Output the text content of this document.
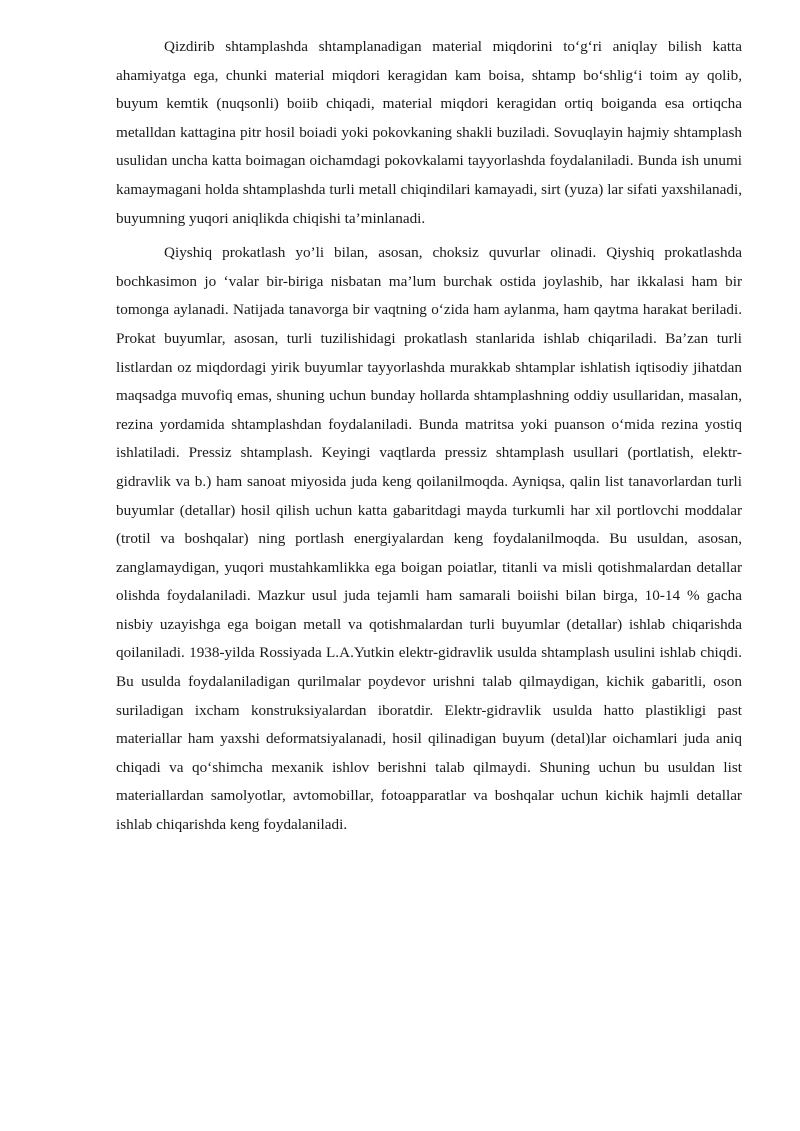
Qizdirib shtamplashda shtamplanadigan material miqdorini to‘g‘ri aniqlay bilish katta ahamiyatga ega, chunki material miqdori keragidan kam boisa, shtamp bo‘shlig‘i toim ay qolib, buyum kemtik (nuqsonli) boiib chiqadi, material miqdori keragidan ortiq boiganda esa ortiqcha metalldan kattagina pitr hosil boiadi yoki pokovkaning shakli buziladi. Sovuqlayin hajmiy shtamplash usulidan uncha katta boimagan oichamdagi pokovkalami tayyorlashda foydalaniladi. Bunda ish unumi kamaymagani holda shtamplashda turli metall chiqindilari kamayadi, sirt (yuza) lar sifati yaxshilanadi, buyumning yuqori aniqlikda chiqishi ta’minlanadi.

Qiyshiq prokatlash yo’li bilan, asosan, choksiz quvurlar olinadi. Qiyshiq prokatlashda bochkasimon jo ‘valar bir-biriga nisbatan ma’lum burchak ostida joylashib, har ikkalasi ham bir tomonga aylanadi. Natijada tanavorga bir vaqtning o‘zida ham aylanma, ham qaytma harakat beriladi. Prokat buyumlar, asosan, turli tuzilishidagi prokatlash stanlarida ishlab chiqariladi. Ba’zan turli listlardan oz miqdordagi yirik buyumlar tayyorlashda murakkab shtamplar ishlatish iqtisodiy jihatdan maqsadga muvofiq emas, shuning uchun bunday hollarda shtamplashning oddiy usullaridan, masalan, rezina yordamida shtamplashdan foydalaniladi. Bunda matritsa yoki puanson o‘mida rezina yostiq ishlatiladi. Pressiz shtamplash. Keyingi vaqtlarda pressiz shtamplash usullari (portlatish, elektr-gidravlik va b.) ham sanoat miyosida juda keng qoilanilmoqda. Ayniqsa, qalin list tanavorlardan turli buyumlar (detallar) hosil qilish uchun katta gabaritdagi mayda turkumli har xil portlovchi moddalar (trotil va boshqalar) ning portlash energiyalardan keng foydalanilmoqda. Bu usuldan, asosan, zanglamaydigan, yuqori mustahkamlikka ega boigan poiatlar, titanli va misli qotishmalardan detallar olishda foydalaniladi. Mazkur usul juda tejamli ham samarali boiishi bilan birga, 10-14 % gacha nisbiy uzayishga ega boigan metall va qotishmalardan turli buyumlar (detallar) ishlab chiqarishda qoilaniladi. 1938-yilda Rossiyada L.A.Yutkin elektr-gidravlik usulda shtamplash usulini ishlab chiqdi. Bu usulda foydalaniladigan qurilmalar poydevor urishni talab qilmaydigan, kichik gabaritli, oson suriladigan ixcham konstruksiyalardan iboratdir. Elektr-gidravlik usulda hatto plastikligi past materiallar ham yaxshi deformatsiyalanadi, hosil qilinadigan buyum (detal)lar oichamlari juda aniq chiqadi va qo‘shimcha mexanik ishlov berishni talab qilmaydi. Shuning uchun bu usuldan list materiallardan samolyotlar, avtomobillar, fotoapparatlar va boshqalar uchun kichik hajmli detallar ishlab chiqarishda keng foydalaniladi.
